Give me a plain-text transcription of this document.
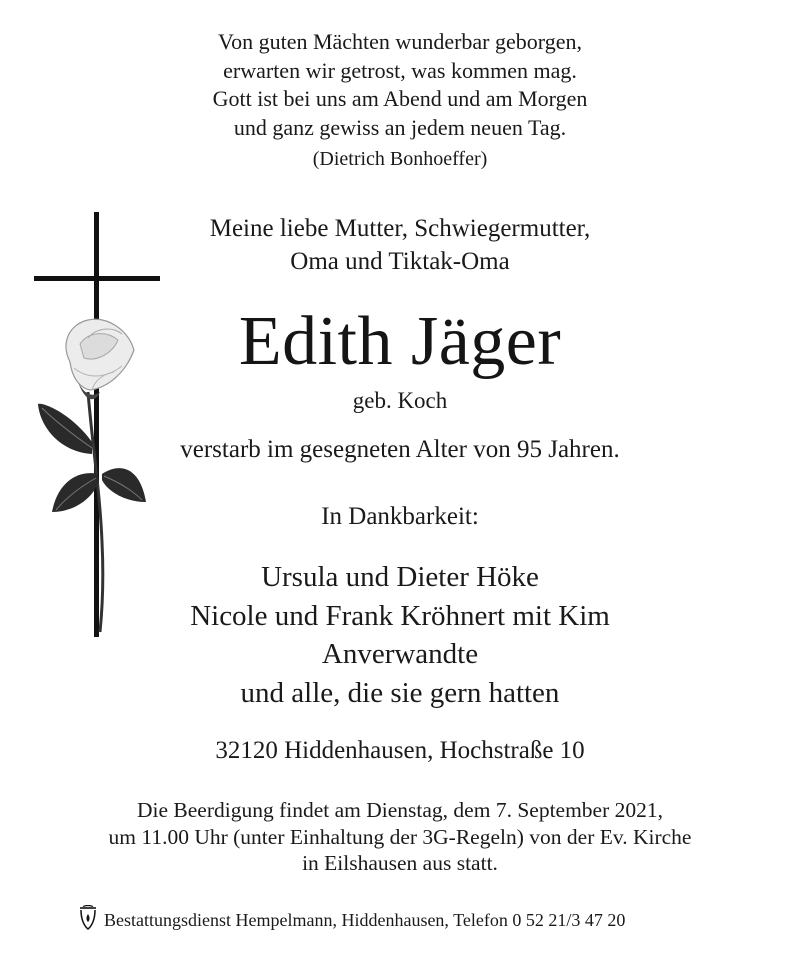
Von guten Mächten wunderbar geborgen,
erwarten wir getrost, was kommen mag.
Gott ist bei uns am Abend und am Morgen
und ganz gewiss an jedem neuen Tag.
(Dietrich Bonhoeffer)
Meine liebe Mutter, Schwiegermutter,
Oma und Tiktak-Oma
Edith Jäger
geb. Koch
verstarb im gesegneten Alter von 95 Jahren.
In Dankbarkeit:
Ursula und Dieter Höke
Nicole und Frank Kröhnert mit Kim
Anverwandte
und alle, die sie gern hatten
32120 Hiddenhausen, Hochstraße 10
Die Beerdigung findet am Dienstag, dem 7. September 2021,
um 11.00 Uhr (unter Einhaltung der 3G-Regeln) von der Ev. Kirche
in Eilshausen aus statt.
Bestattungsdienst Hempelmann, Hiddenhausen, Telefon 0 52 21/3 47 20
